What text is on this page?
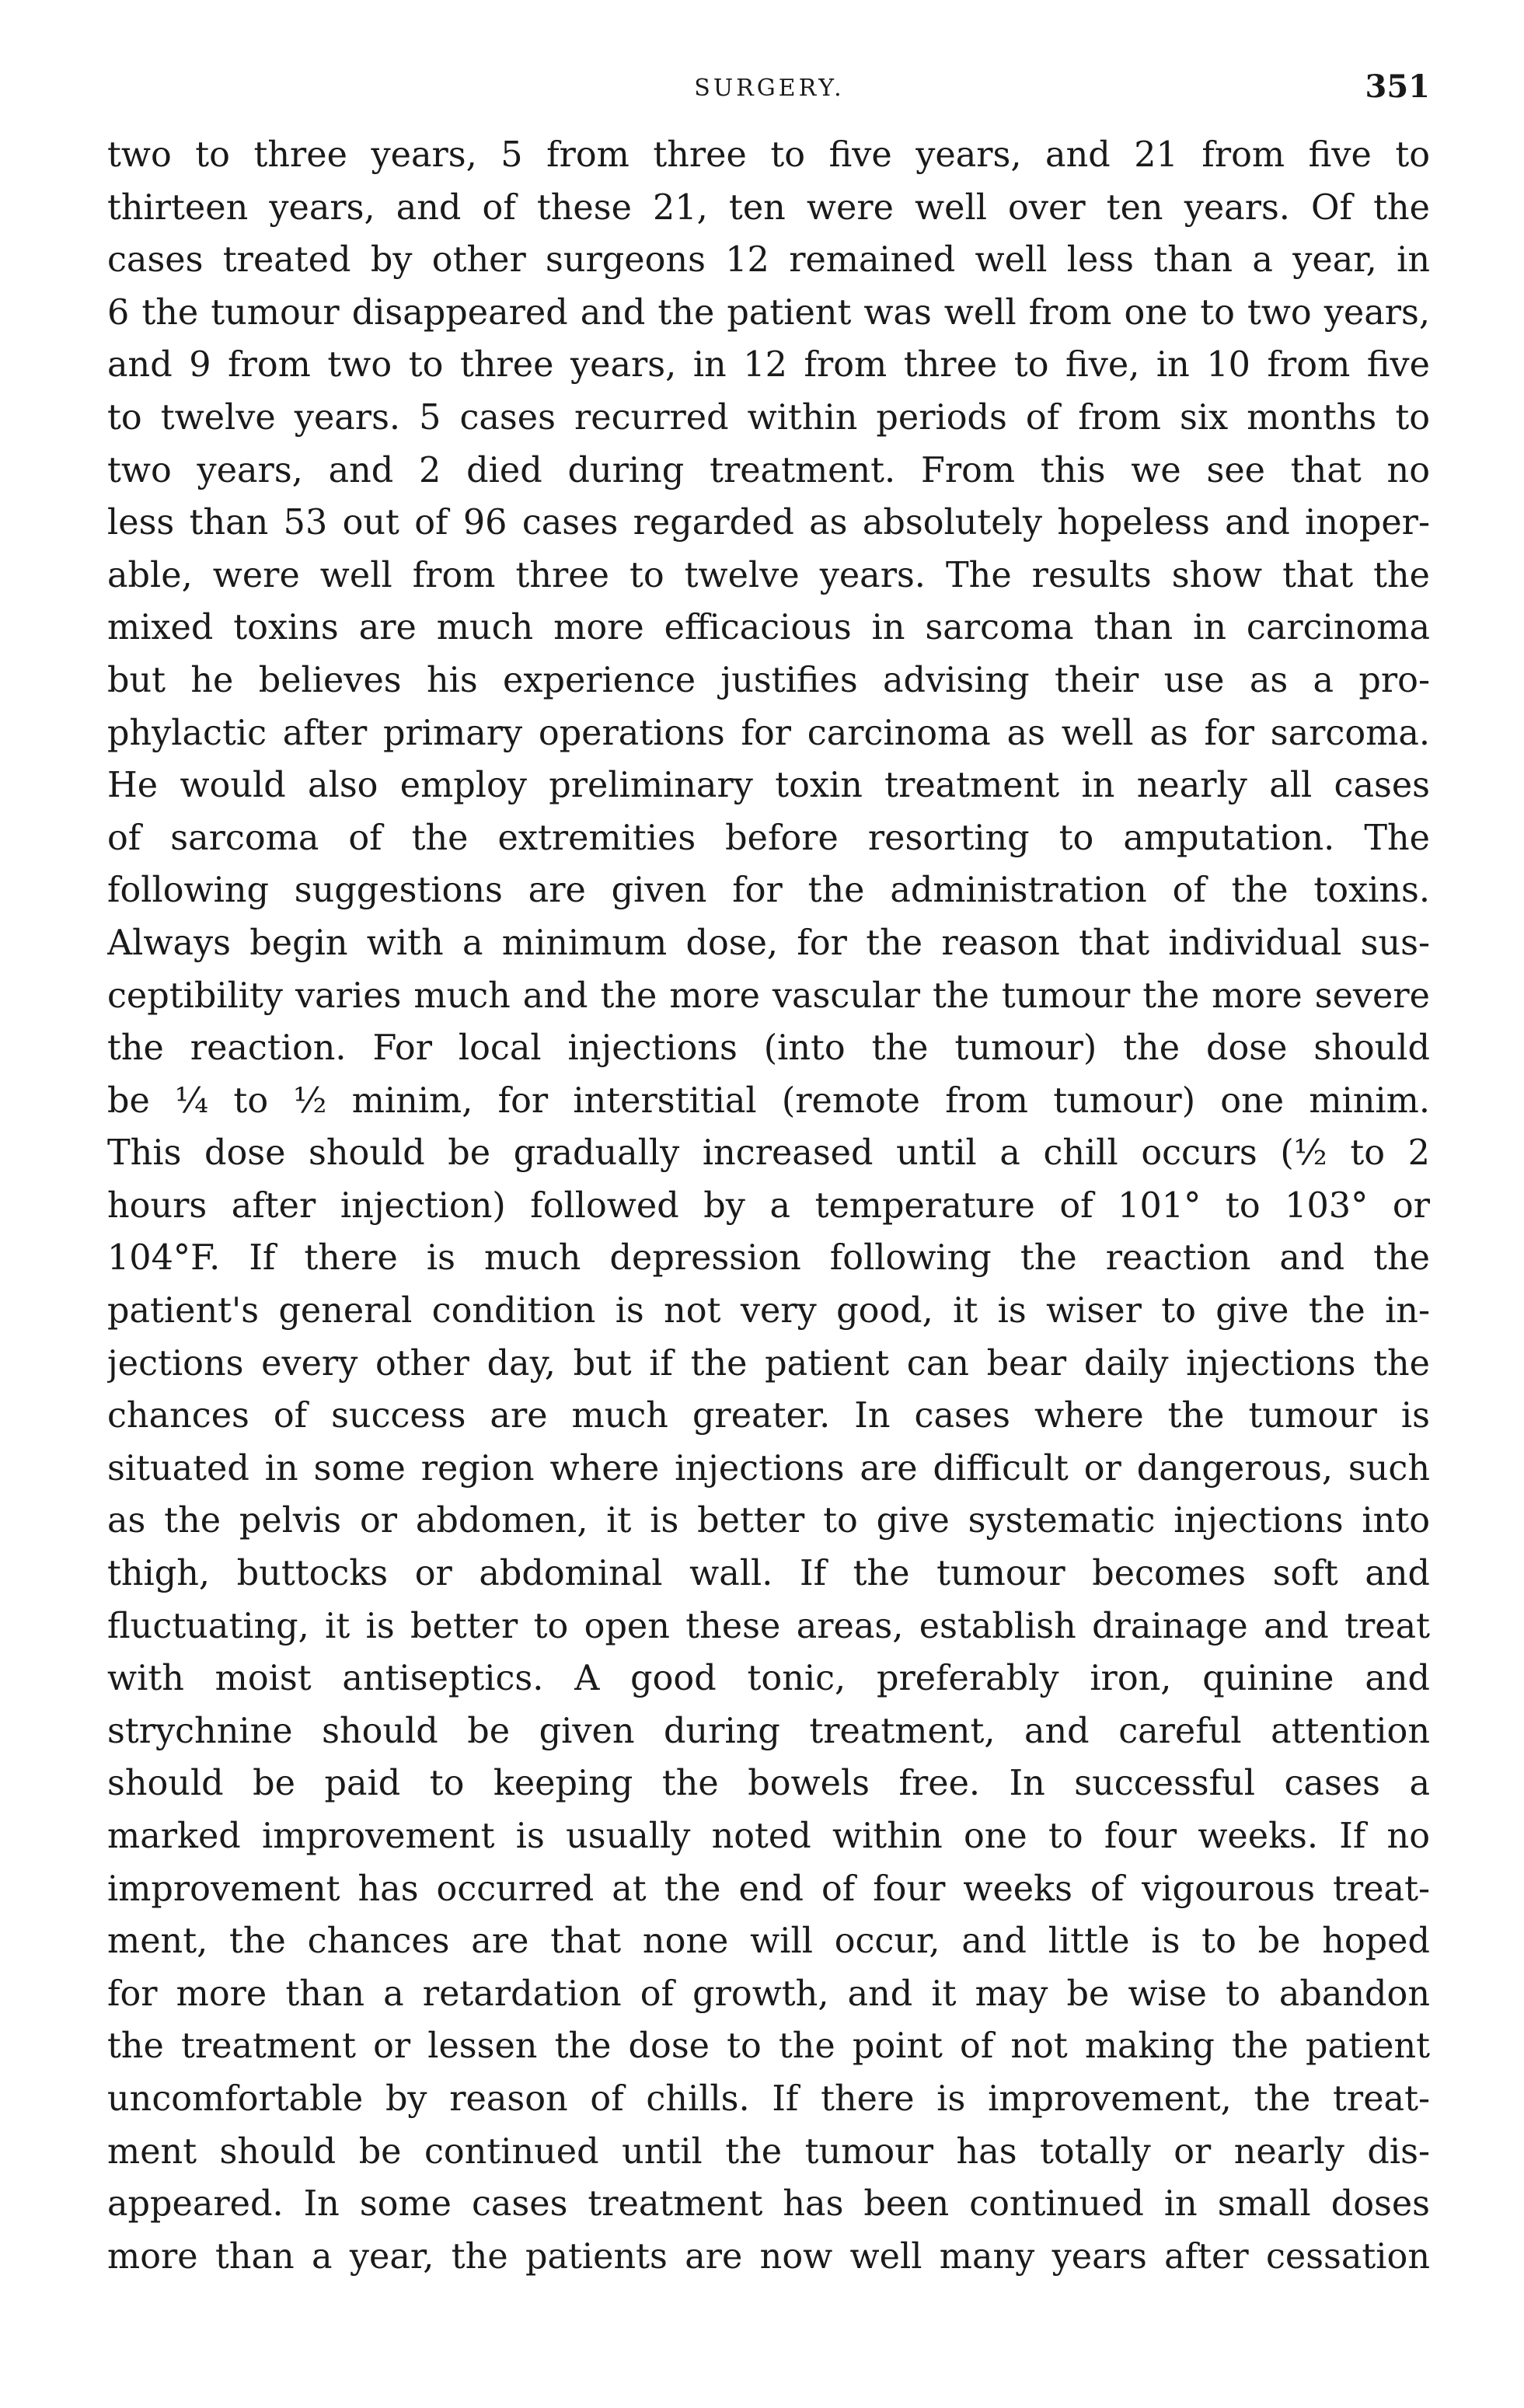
SURGERY.	351
two to three years, 5 from three to five years, and 21 from five to
thirteen years, and of these 21, ten were well over ten years. Of the
cases treated by other surgeons 12 remained well less than a year, in
6 the tumour disappeared and the patient was well from one to two years,
and 9 from two to three years, in 12 from three to five, in 10 from five
to twelve years. 5 cases recurred within periods of from six months to
two years, and 2 died during treatment. From this we see that no
less than 53 out of 96 cases regarded as absolutely hopeless and inoper-
able, were well from three to twelve years. The results show that the
mixed toxins are much more efficacious in sarcoma than in carcinoma
but he believes his experience justifies advising their use as a pro-
phylactic after primary operations for carcinoma as well as for sarcoma.
He would also employ preliminary toxin treatment in nearly all cases
of sarcoma of the extremities before resorting to amputation. The
following suggestions are given for the administration of the toxins.
Always begin with a minimum dose, for the reason that individual sus-
ceptibility varies much and the more vascular the tumour the more severe
the reaction. For local injections (into the tumour) the dose should
be ¼ to ½ minim, for interstitial (remote from tumour) one minim.
This dose should be gradually increased until a chill occurs (½ to 2
hours after injection) followed by a temperature of 101° to 103° or
104°F. If there is much depression following the reaction and the
patient's general condition is not very good, it is wiser to give the in-
jections every other day, but if the patient can bear daily injections the
chances of success are much greater. In cases where the tumour is
situated in some region where injections are difficult or dangerous, such
as the pelvis or abdomen, it is better to give systematic injections into
thigh, buttocks or abdominal wall. If the tumour becomes soft and
fluctuating, it is better to open these areas, establish drainage and treat
with moist antiseptics. A good tonic, preferably iron, quinine and
strychnine should be given during treatment, and careful attention
should be paid to keeping the bowels free. In successful cases a
marked improvement is usually noted within one to four weeks. If no
improvement has occurred at the end of four weeks of vigourous treat-
ment, the chances are that none will occur, and little is to be hoped
for more than a retardation of growth, and it may be wise to abandon
the treatment or lessen the dose to the point of not making the patient
uncomfortable by reason of chills. If there is improvement, the treat-
ment should be continued until the tumour has totally or nearly dis-
appeared. In some cases treatment has been continued in small doses
more than a year, the patients are now well many years after cessation
